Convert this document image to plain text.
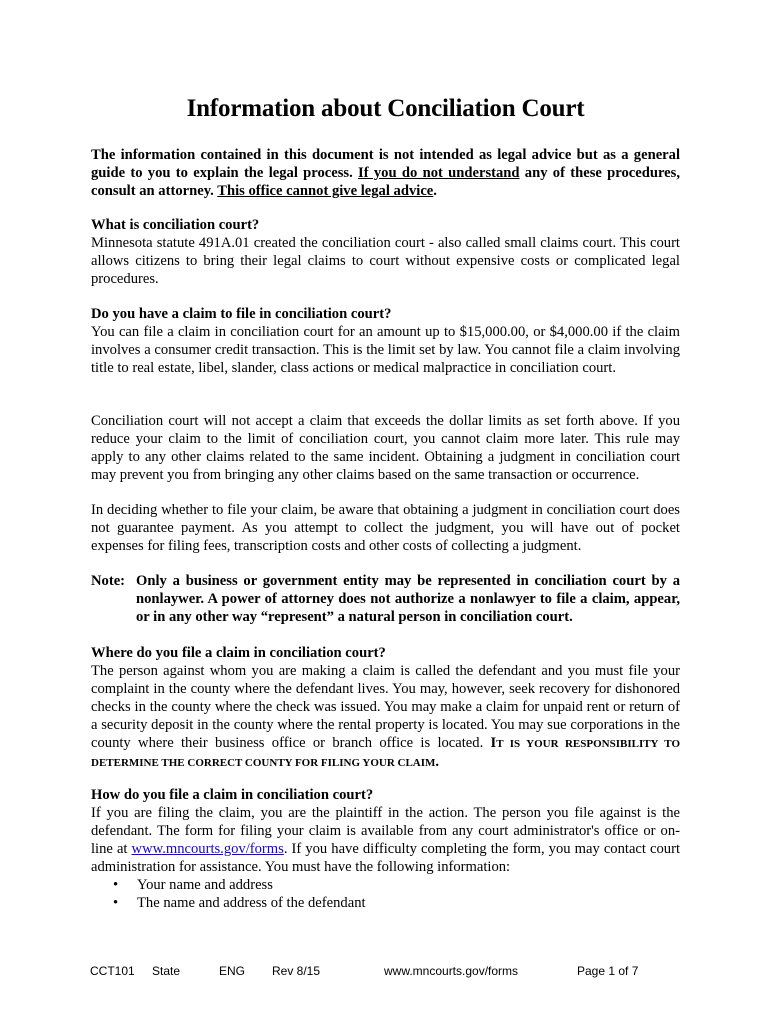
Information about Conciliation Court
The information contained in this document is not intended as legal advice but as a general guide to you to explain the legal process. If you do not understand any of these procedures, consult an attorney. This office cannot give legal advice.

What is conciliation court?

Minnesota statute 491A.01 created the conciliation court - also called small claims court. This court allows citizens to bring their legal claims to court without expensive costs or complicated legal procedures.

Do you have a claim to file in conciliation court?

You can file a claim in conciliation court for an amount up to $15,000.00, or $4,000.00 if the claim involves a consumer credit transaction. This is the limit set by law. You cannot file a claim involving title to real estate, libel, slander, class actions or medical malpractice in conciliation court.

Conciliation court will not accept a claim that exceeds the dollar limits as set forth above. If you reduce your claim to the limit of conciliation court, you cannot claim more later. This rule may apply to any other claims related to the same incident. Obtaining a judgment in conciliation court may prevent you from bringing any other claims based on the same transaction or occurrence.

In deciding whether to file your claim, be aware that obtaining a judgment in conciliation court does not guarantee payment. As you attempt to collect the judgment, you will have out of pocket expenses for filing fees, transcription costs and other costs of collecting a judgment.

Note: Only a business or government entity may be represented in conciliation court by a nonlaywer. A power of attorney does not authorize a nonlawyer to file a claim, appear, or in any other way “represent” a natural person in conciliation court.

Where do you file a claim in conciliation court?

The person against whom you are making a claim is called the defendant and you must file your complaint in the county where the defendant lives. You may, however, seek recovery for dishonored checks in the county where the check was issued. You may make a claim for unpaid rent or return of a security deposit in the county where the rental property is located. You may sue corporations in the county where their business office or branch office is located. IT IS YOUR RESPONSIBILITY TO DETERMINE THE CORRECT COUNTY FOR FILING YOUR CLAIM.

How do you file a claim in conciliation court?

If you are filing the claim, you are the plaintiff in the action. The person you file against is the defendant. The form for filing your claim is available from any court administrator's office or on-line at www.mncourts.gov/forms. If you have difficulty completing the form, you may contact court administration for assistance. You must have the following information:

• Your name and address
• The name and address of the defendant
CCT101 State	ENG Rev 8/15	www.mncourts.gov/forms	Page 1 of 7
